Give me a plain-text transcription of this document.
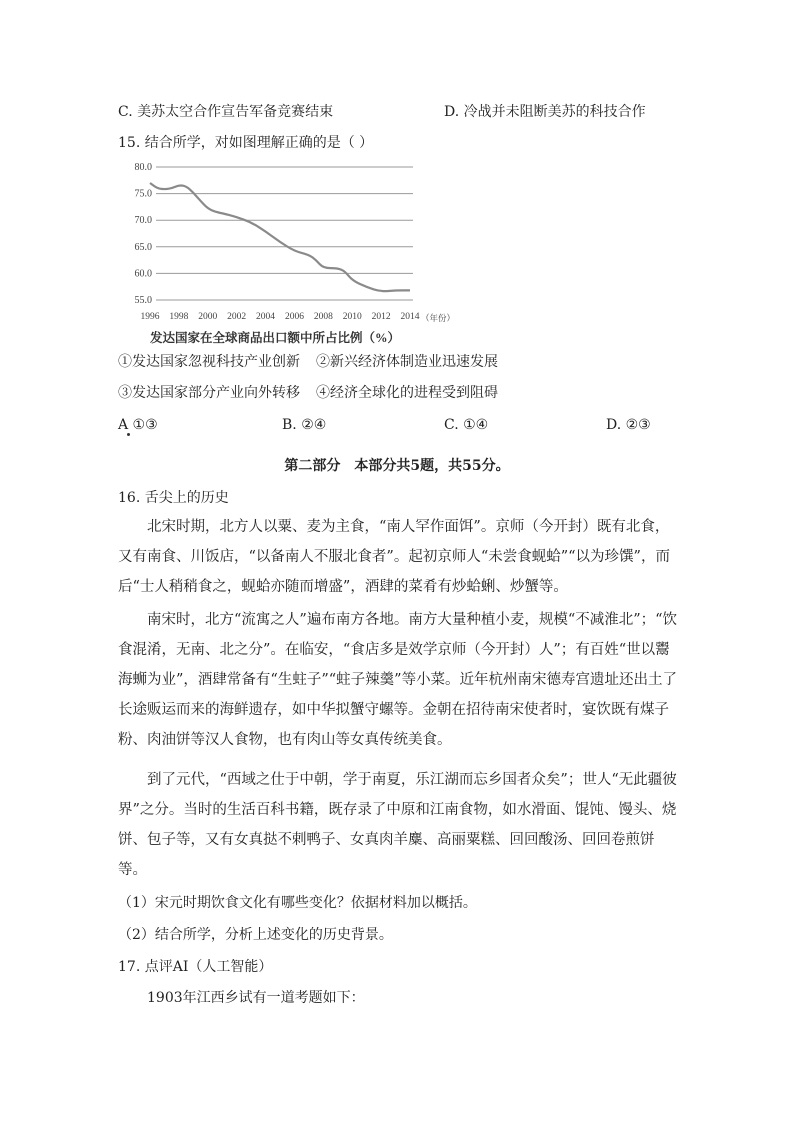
C. 美苏太空合作宣告军备竞赛结束	D. 冷战并未阻断美苏的科技合作
15. 结合所学，对如图理解正确的是（ ）
80.0
75.0
70.0
65.0
60.0
55.0
1996 1998 2000 2002 2004 2006 2008 2010 2012 2014 （年份）
发达国家在全球商品出口额中所占比例（%）
①发达国家忽视科技产业创新 ②新兴经济体制造业迅速发展
③发达国家部分产业向外转移 ④经济全球化的进程受到阻碍
A ①③	B. ②④	C. ①④	D. ②③
第二部分　本部分共5题，共55分。
16. 舌尖上的历史
北宋时期，北方人以粟、麦为主食，“南人罕作面饵”。京师（今开封）既有北食，又有南食、川饭店，“以备南人不服北食者”。起初京师人“未尝食蚬蛤”“以为珍馔”，而后“士人稍稍食之，蚬蛤亦随而增盛”，酒肆的菜肴有炒蛤蜊、炒蟹等。
南宋时，北方“流寓之人”遍布南方各地。南方大量种植小麦，规模“不减淮北”；“饮食混淆，无南、北之分”。在临安，“食店多是效学京师（今开封）人”；有百姓“世以鬻海蛳为业”，酒肆常备有“生蛀子”“蛀子辣羹”等小菜。近年杭州南宋德寿宫遗址还出土了长途贩运而来的海鲜遗存，如中华拟蟹守螺等。金朝在招待南宋使者时，宴饮既有煤子粉、肉油饼等汉人食物，也有肉山等女真传统美食。
到了元代，“西域之仕于中朝，学于南夏，乐江湖而忘乡国者众矣”；世人“无此疆彼界”之分。当时的生活百科书籍，既存录了中原和江南食物，如水滑面、馄饨、馒头、烧饼、包子等，又有女真挞不剌鸭子、女真肉羊麋、高丽粟糕、回回酸汤、回回卷煎饼等。
（1）宋元时期饮食文化有哪些变化？依据材料加以概括。
（2）结合所学，分析上述变化的历史背景。
17. 点评AI（人工智能）
1903年江西乡试有一道考题如下：
